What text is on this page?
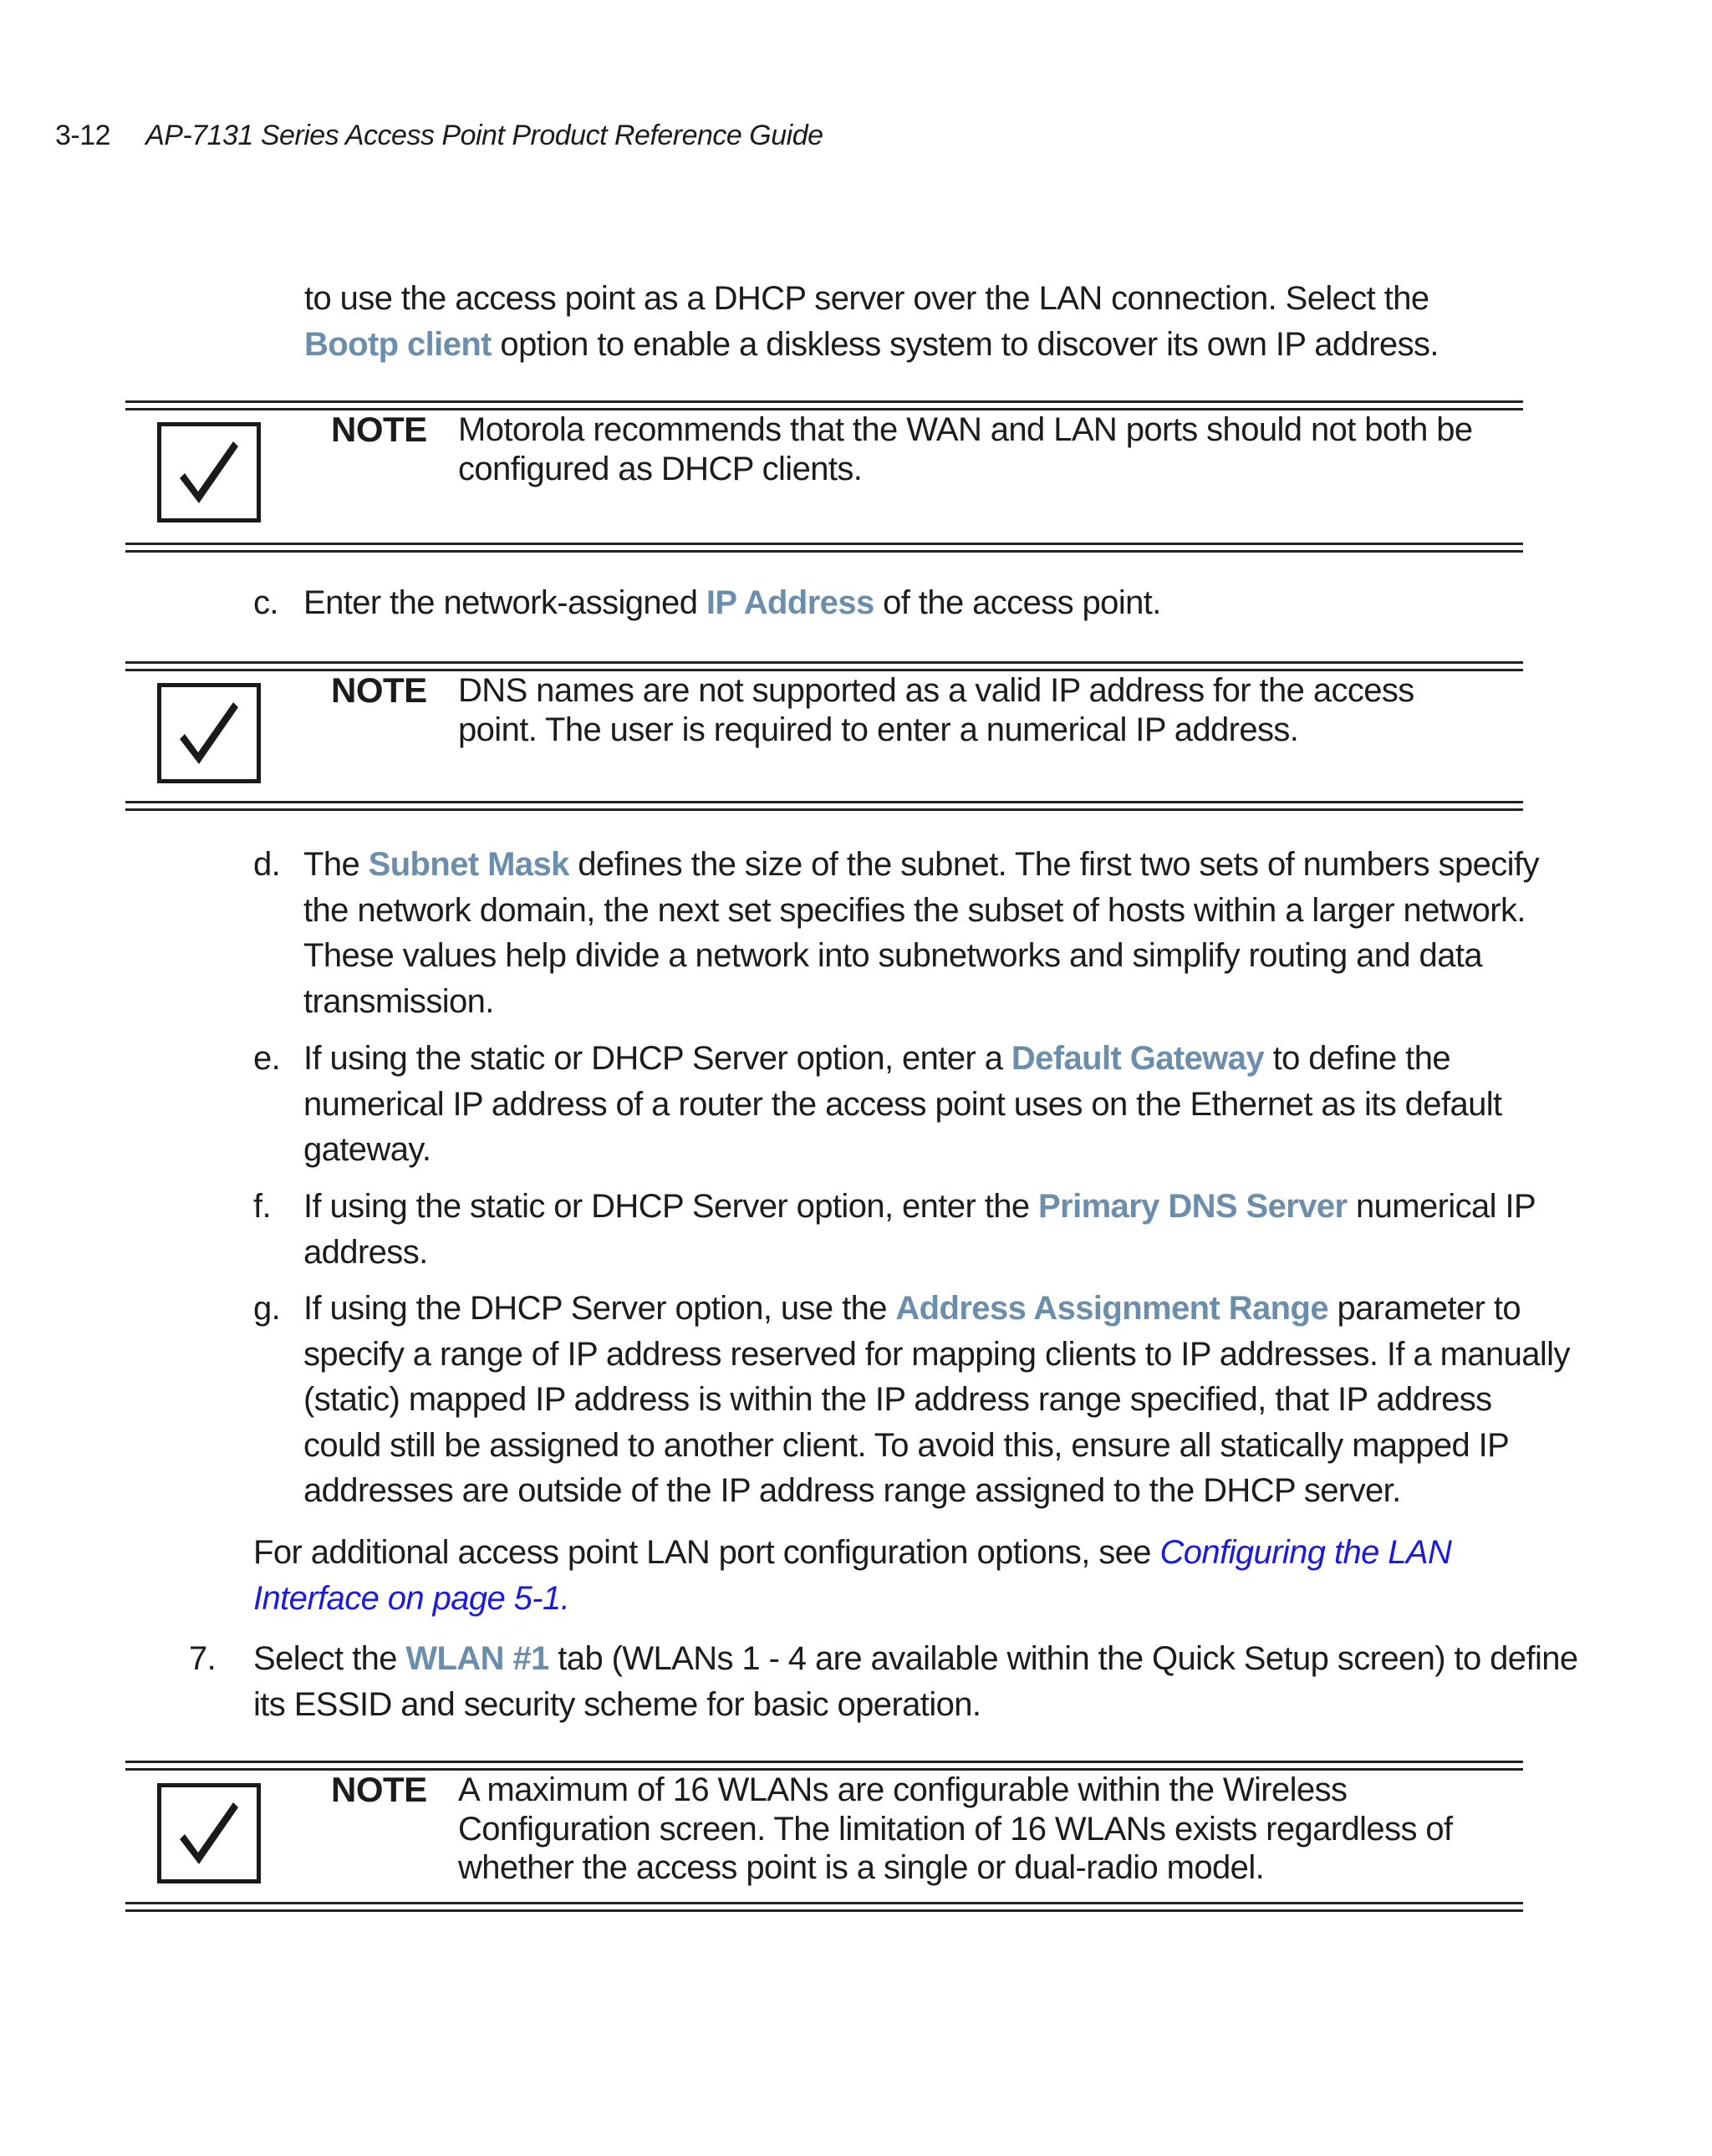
3-12 AP-7131 Series Access Point Product Reference Guide
to use the access point as a DHCP server over the LAN connection. Select the Bootp client option to enable a diskless system to discover its own IP address.
NOTE Motorola recommends that the WAN and LAN ports should not both be configured as DHCP clients.
c. Enter the network-assigned IP Address of the access point.
NOTE DNS names are not supported as a valid IP address for the access point. The user is required to enter a numerical IP address.
d. The Subnet Mask defines the size of the subnet. The first two sets of numbers specify the network domain, the next set specifies the subset of hosts within a larger network. These values help divide a network into subnetworks and simplify routing and data transmission.
e. If using the static or DHCP Server option, enter a Default Gateway to define the numerical IP address of a router the access point uses on the Ethernet as its default gateway.
f. If using the static or DHCP Server option, enter the Primary DNS Server numerical IP address.
g. If using the DHCP Server option, use the Address Assignment Range parameter to specify a range of IP address reserved for mapping clients to IP addresses. If a manually (static) mapped IP address is within the IP address range specified, that IP address could still be assigned to another client. To avoid this, ensure all statically mapped IP addresses are outside of the IP address range assigned to the DHCP server.
For additional access point LAN port configuration options, see Configuring the LAN Interface on page 5-1.
7. Select the WLAN #1 tab (WLANs 1 - 4 are available within the Quick Setup screen) to define its ESSID and security scheme for basic operation.
NOTE A maximum of 16 WLANs are configurable within the Wireless Configuration screen. The limitation of 16 WLANs exists regardless of whether the access point is a single or dual-radio model.
